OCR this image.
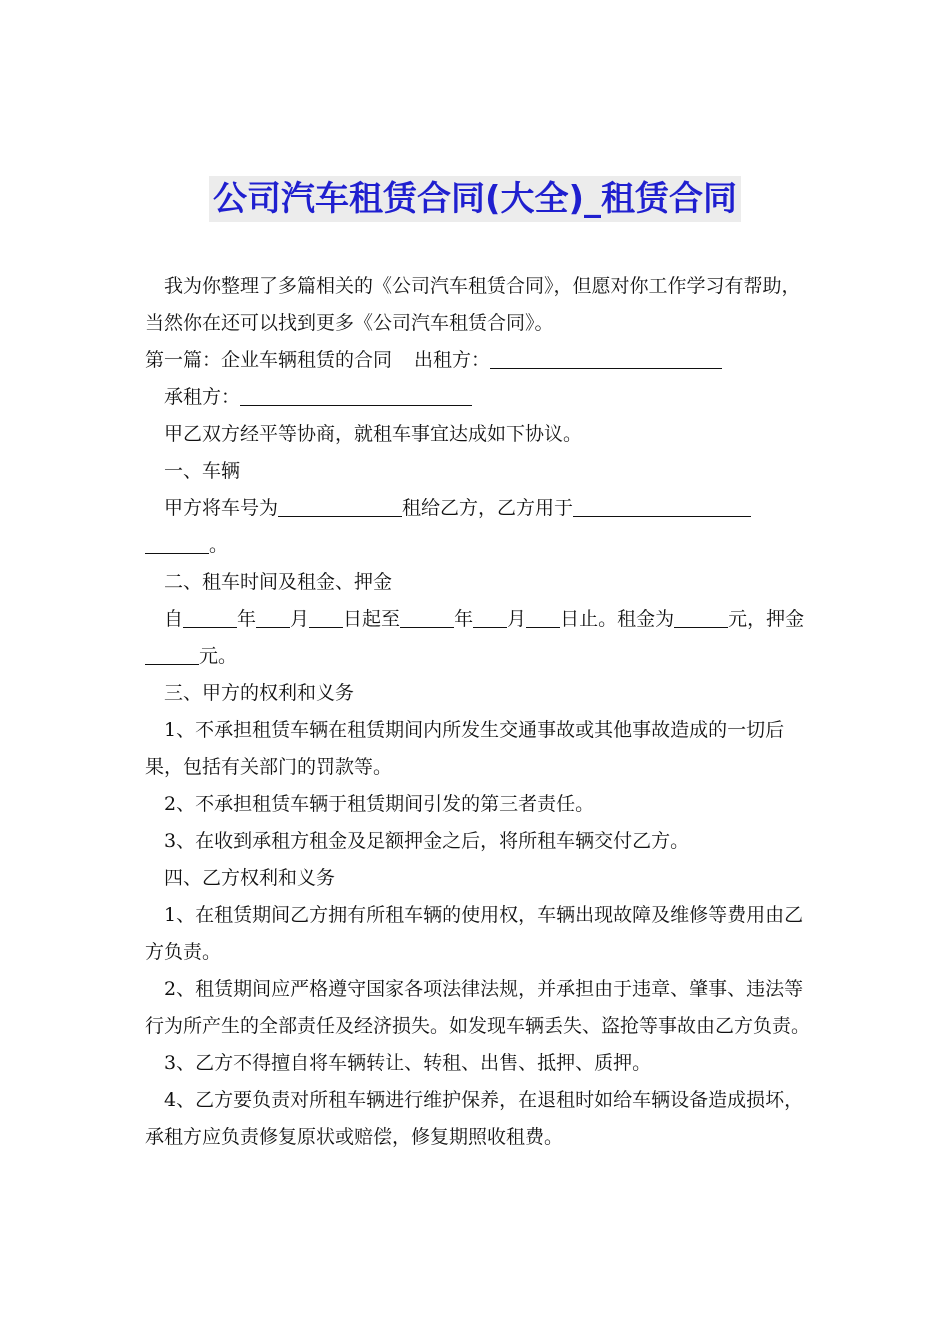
公司汽车租赁合同(大全)_租赁合同

我为你整理了多篇相关的《公司汽车租赁合同》，但愿对你工作学习有帮助，当然你在还可以找到更多《公司汽车租赁合同》。

第一篇：企业车辆租赁的合同 出租方：

承租方：

甲乙双方经平等协商，就租车事宜达成如下协议。

一、车辆

甲方将车号为	租给乙方，乙方用于。

二、租车时间及租金、押金

自	年 月 日起至	年 月 日止。租金为	元，押金元。

三、甲方的权利和义务

1、不承担租赁车辆在租赁期间内所发生交通事故或其他事故造成的一切后果，包括有关部门的罚款等。

2、不承担租赁车辆于租赁期间引发的第三者责任。

3、在收到承租方租金及足额押金之后，将所租车辆交付乙方。

四、乙方权利和义务

1、在租赁期间乙方拥有所租车辆的使用权，车辆出现故障及维修等费用由乙方负责。

2、租赁期间应严格遵守国家各项法律法规，并承担由于违章、肇事、违法等行为所产生的全部责任及经济损失。如发现车辆丢失、盗抢等事故由乙方负责。

3、乙方不得擅自将车辆转让、转租、出售、抵押、质押。

4、乙方要负责对所租车辆进行维护保养，在退租时如给车辆设备造成损坏，承租方应负责修复原状或赔偿，修复期照收租费。
